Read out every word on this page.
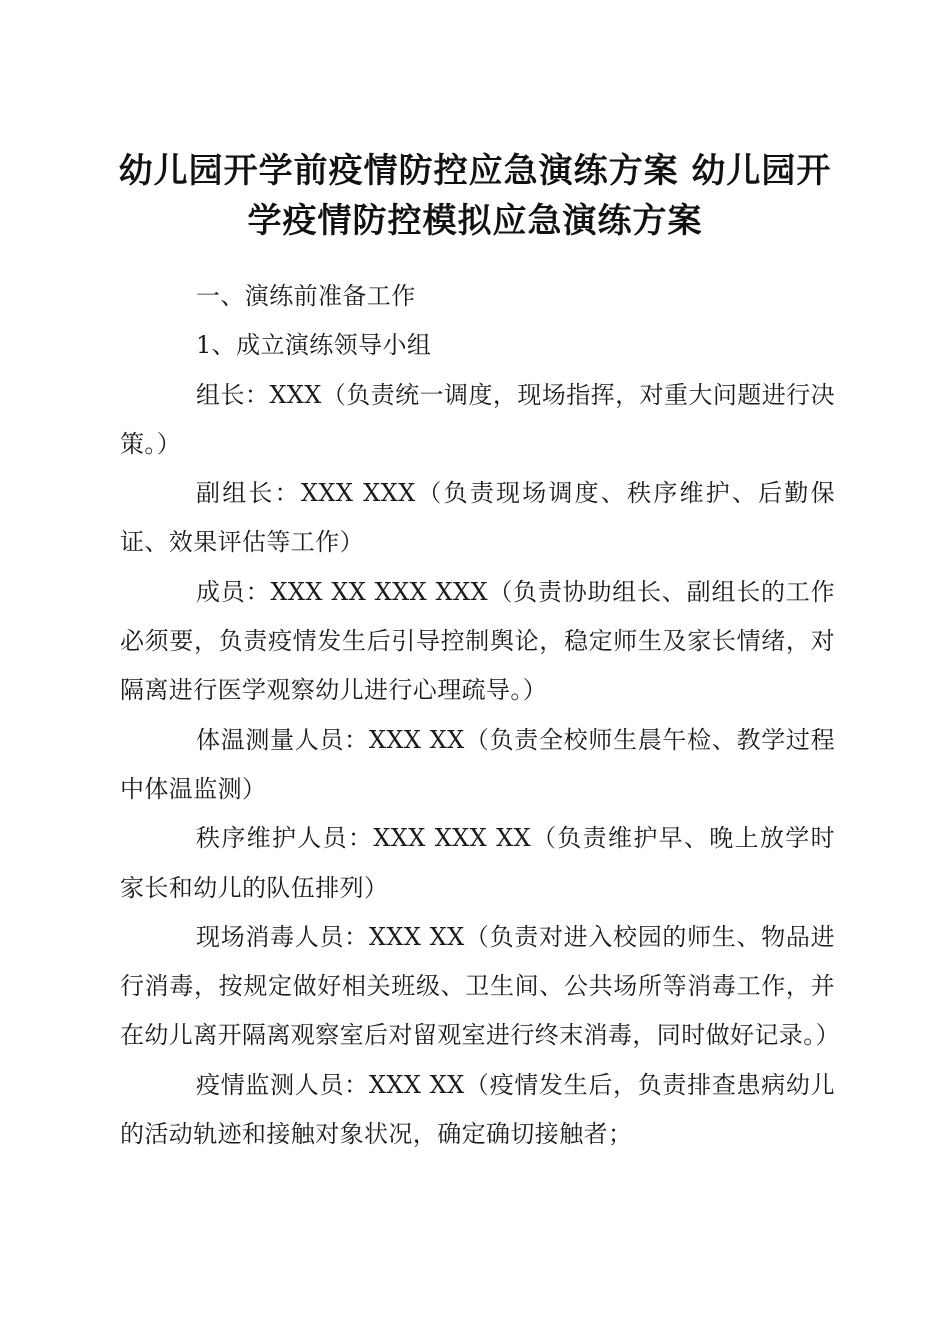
幼儿园开学前疫情防控应急演练方案 幼儿园开学疫情防控模拟应急演练方案

一、演练前准备工作

1、成立演练领导小组

组长：XXX（负责统一调度，现场指挥，对重大问题进行决策。）

副组长：XXX XXX（负责现场调度、秩序维护、后勤保证、效果评估等工作）

成员：XXX XX XXX XXX（负责协助组长、副组长的工作必须要，负责疫情发生后引导控制舆论，稳定师生及家长情绪，对隔离进行医学观察幼儿进行心理疏导。）

体温测量人员：XXX XX（负责全校师生晨午检、教学过程中体温监测）

秩序维护人员：XXX XXX XX（负责维护早、晚上放学时家长和幼儿的队伍排列）

现场消毒人员：XXX XX（负责对进入校园的师生、物品进行消毒，按规定做好相关班级、卫生间、公共场所等消毒工作，并在幼儿离开隔离观察室后对留观室进行终末消毒，同时做好记录。）

疫情监测人员：XXX XX（疫情发生后，负责排查患病幼儿的活动轨迹和接触对象状况，确定确切接触者；
